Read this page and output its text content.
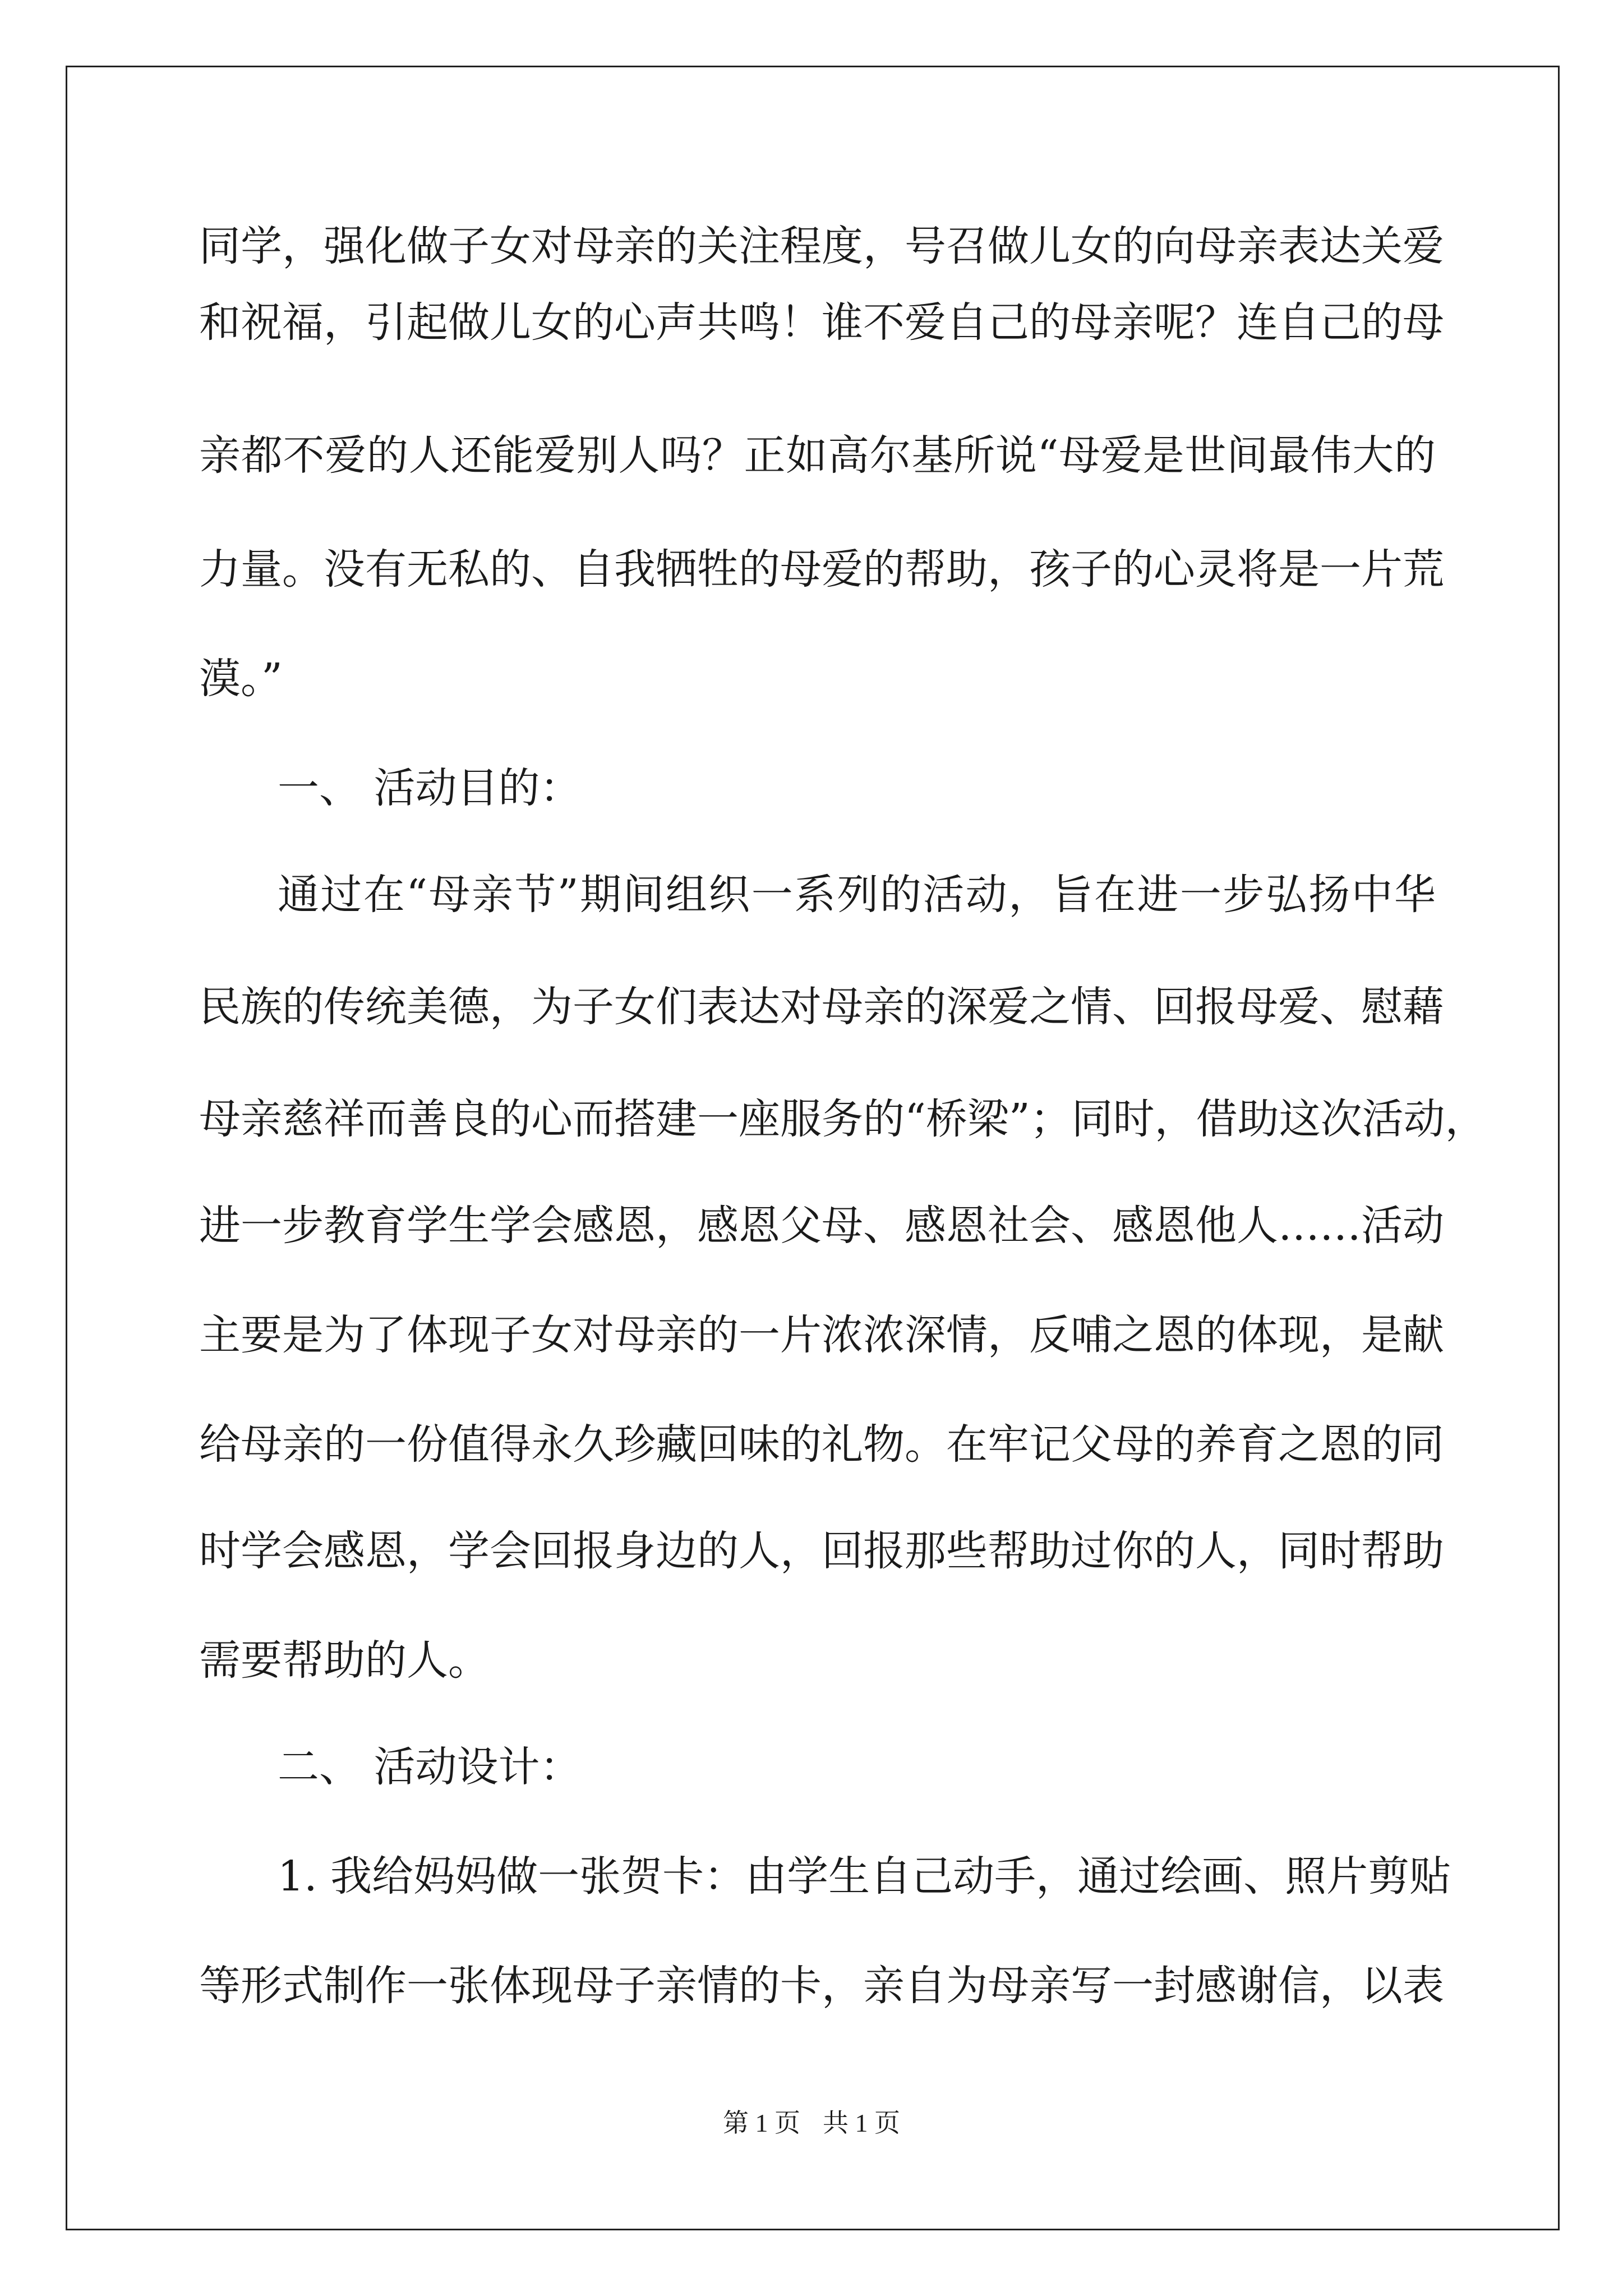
同学，强化做子女对母亲的关注程度，号召做儿女的向母亲表达关爱

和祝福，引起做儿女的心声共鸣！谁不爱自己的母亲呢？连自己的母

亲都不爱的人还能爱别人吗？正如高尔基所说“母爱是世间最伟大的

力量。没有无私的、自我牺牲的母爱的帮助，孩子的心灵将是一片荒

漠。”

一、 活动目的：

通过在“母亲节”期间组织一系列的活动，旨在进一步弘扬中华

民族的传统美德，为子女们表达对母亲的深爱之情、回报母爱、慰藉

母亲慈祥而善良的心而搭建一座服务的“桥梁”；同时，借助这次活动，

进一步教育学生学会感恩，感恩父母、感恩社会、感恩他人……活动

主要是为了体现子女对母亲的一片浓浓深情，反哺之恩的体现，是献

给母亲的一份值得永久珍藏回味的礼物。在牢记父母的养育之恩的同

时学会感恩，学会回报身边的人，回报那些帮助过你的人，同时帮助

需要帮助的人。

二、 活动设计：

1. 我给妈妈做一张贺卡：由学生自己动手，通过绘画、照片剪贴

等形式制作一张体现母子亲情的卡，亲自为母亲写一封感谢信，以表

第 1 页 共 1 页
